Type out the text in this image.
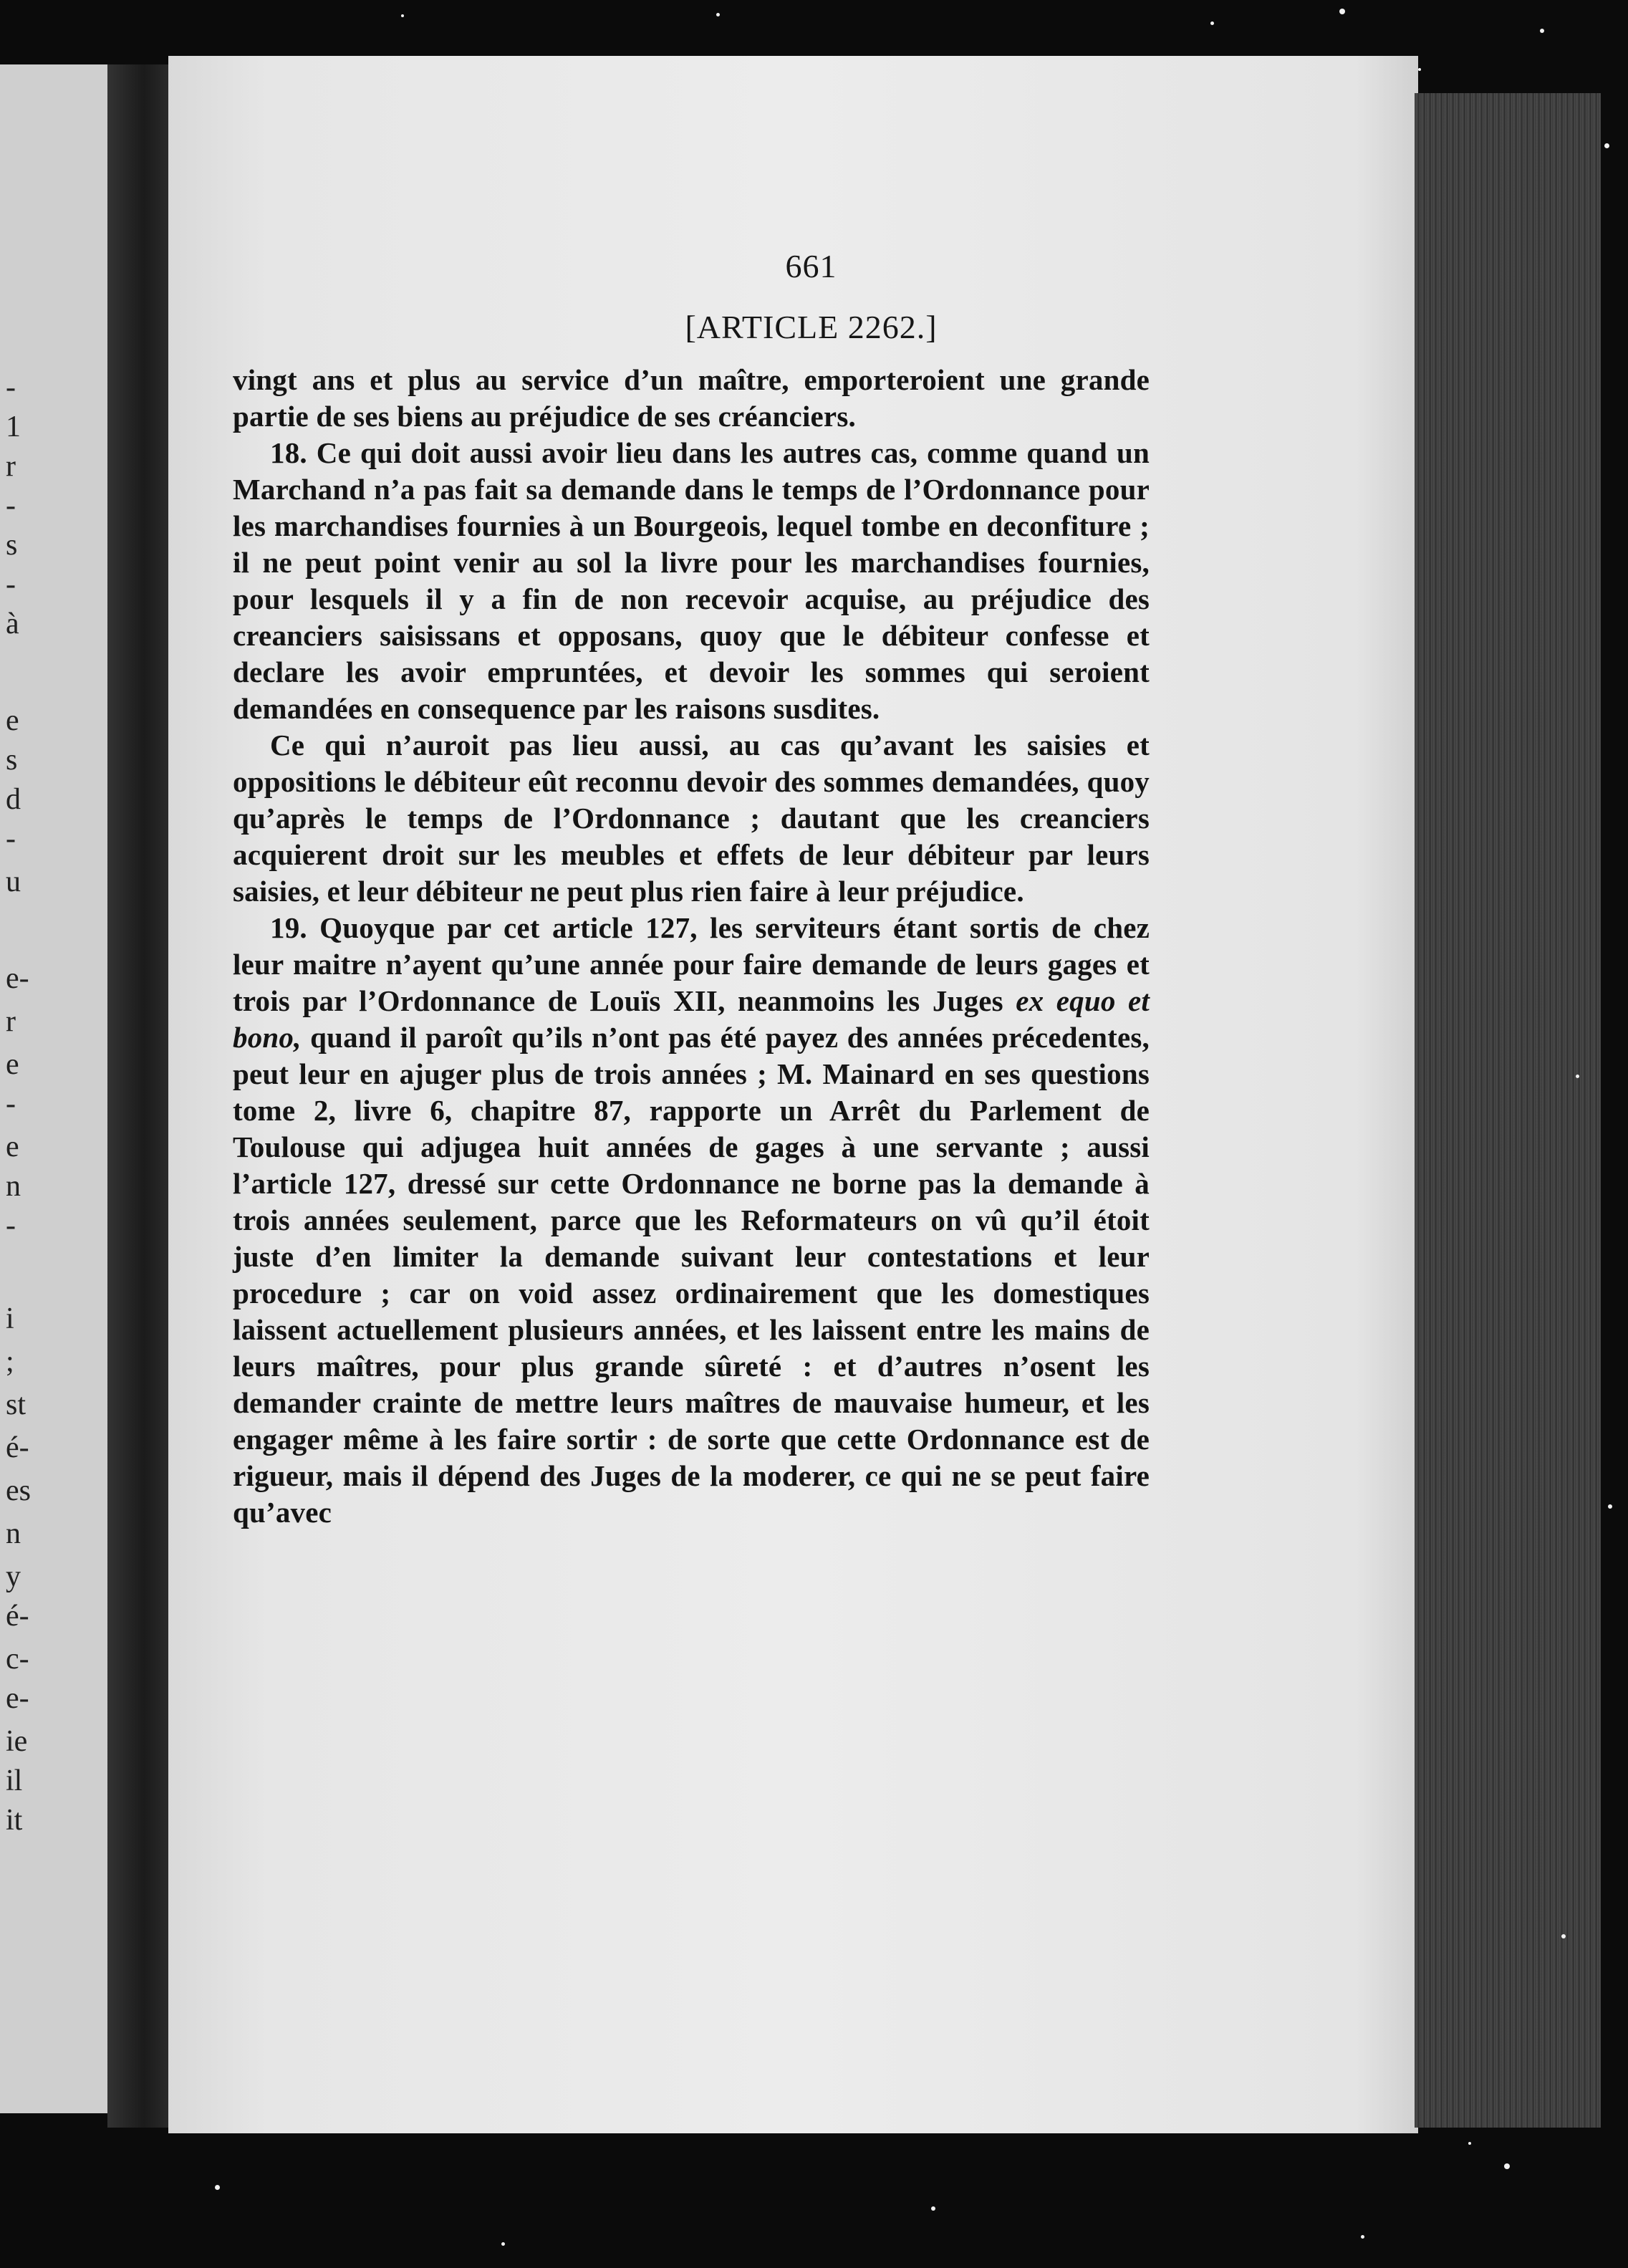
-
1
r
-
s
-
à
e
s
d
-
u
e-
r
e
-
e
n
-
i
;
st
é-
es
n
y
é-
c-
e-
ie
il
it
661
[ARTICLE 2262.]

vingt ans et plus au service d’un maître, emporteroient une grande partie de ses biens au préjudice de ses créanciers.

18. Ce qui doit aussi avoir lieu dans les autres cas, comme quand un Marchand n’a pas fait sa demande dans le temps de l’Ordonnance pour les marchandises fournies à un Bourgeois, lequel tombe en deconfiture ; il ne peut point venir au sol la livre pour les marchandises fournies, pour lesquels il y a fin de non recevoir acquise, au préjudice des creanciers saisissans et opposans, quoy que le débiteur confesse et declare les avoir empruntées, et devoir les sommes qui seroient demandées en consequence par les raisons susdites.

Ce qui n’auroit pas lieu aussi, au cas qu’avant les saisies et oppositions le débiteur eût reconnu devoir des sommes demandées, quoy qu’après le temps de l’Ordonnance ; dautant que les creanciers acquierent droit sur les meubles et effets de leur débiteur par leurs saisies, et leur débiteur ne peut plus rien faire à leur préjudice.

19. Quoyque par cet article 127, les serviteurs étant sortis de chez leur maitre n’ayent qu’une année pour faire demande de leurs gages et trois par l’Ordonnance de Louïs XII, neanmoins les Juges ex equo et bono, quand il paroît qu’ils n’ont pas été payez des années précedentes, peut leur en ajuger plus de trois années ; M. Mainard en ses questions tome 2, livre 6, chapitre 87, rapporte un Arrêt du Parlement de Toulouse qui adjugea huit années de gages à une servante ; aussi l’article 127, dressé sur cette Ordonnance ne borne pas la demande à trois années seulement, parce que les Reformateurs on vû qu’il étoit juste d’en limiter la demande suivant leur contestations et leur procedure ; car on void assez ordinairement que les domestiques laissent actuellement plusieurs années, et les laissent entre les mains de leurs maîtres, pour plus grande sûreté : et d’autres n’osent les demander crainte de mettre leurs maîtres de mauvaise humeur, et les engager même à les faire sortir : de sorte que cette Ordonnance est de rigueur, mais il dépend des Juges de la moderer, ce qui ne se peut faire qu’avec
